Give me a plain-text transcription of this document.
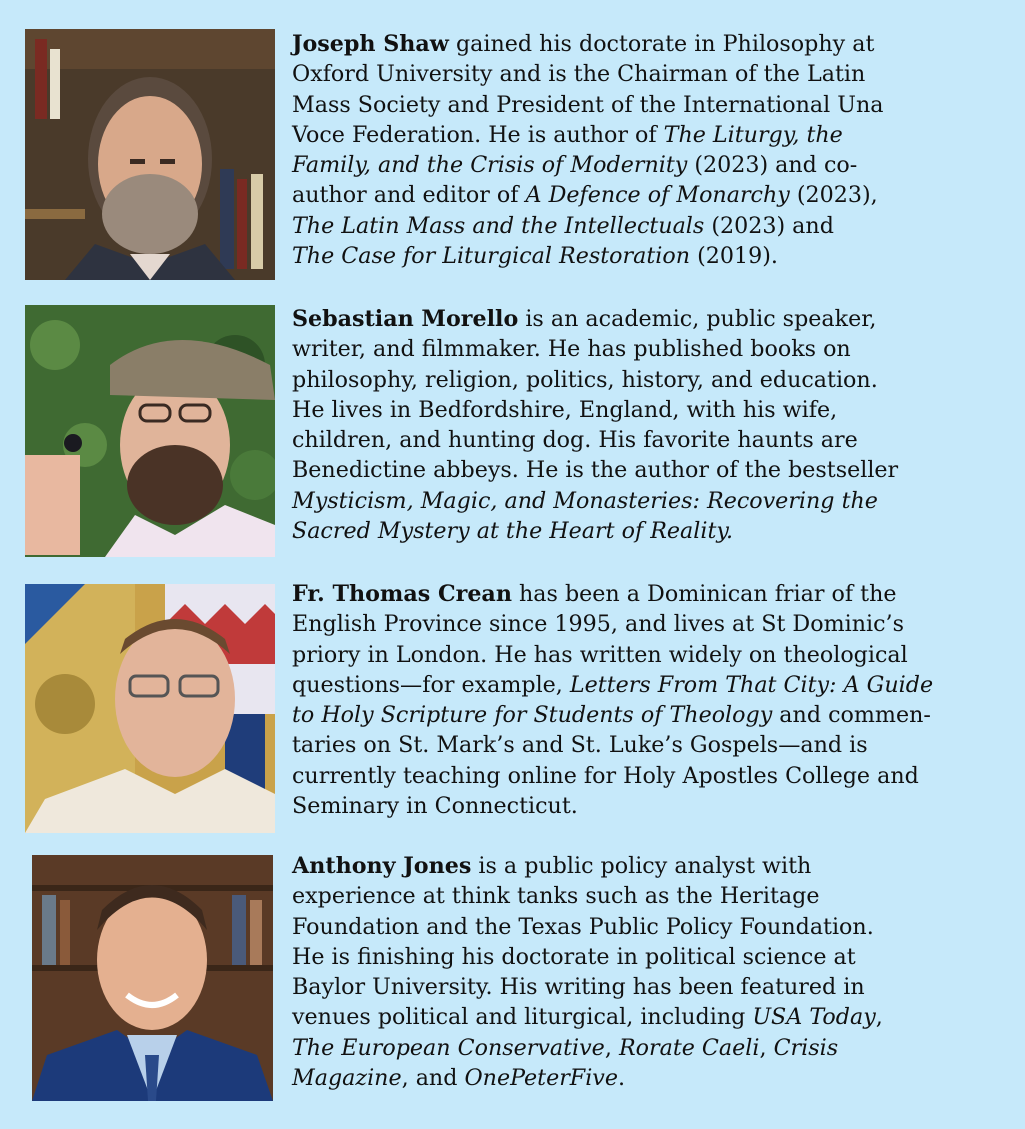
Joseph Shaw gained his doctorate in Philosophy at
Oxford University and is the Chairman of the Latin
Mass Society and President of the International Una
Voce Federation. He is author of The Liturgy, the
Family, and the Crisis of Modernity (2023) and co-
author and editor of A Defence of Monarchy (2023),
The Latin Mass and the Intellectuals (2023) and
The Case for Liturgical Restoration (2019).

Sebastian Morello is an academic, public speaker,
writer, and filmmaker. He has published books on
philosophy, religion, politics, history, and education.
He lives in Bedfordshire, England, with his wife,
children, and hunting dog. His favorite haunts are
Benedictine abbeys. He is the author of the bestseller
Mysticism, Magic, and Monasteries: Recovering the
Sacred Mystery at the Heart of Reality.

Fr. Thomas Crean has been a Dominican friar of the
English Province since 1995, and lives at St Dominic’s
priory in London. He has written widely on theological
questions—for example, Letters From That City: A Guide
to Holy Scripture for Students of Theology and commen-
taries on St. Mark’s and St. Luke’s Gospels—and is
currently teaching online for Holy Apostles College and
Seminary in Connecticut.

Anthony Jones is a public policy analyst with
experience at think tanks such as the Heritage
Foundation and the Texas Public Policy Foundation.
He is finishing his doctorate in political science at
Baylor University. His writing has been featured in
venues political and liturgical, including USA Today,
The European Conservative, Rorate Caeli, Crisis
Magazine, and OnePeterFive.
